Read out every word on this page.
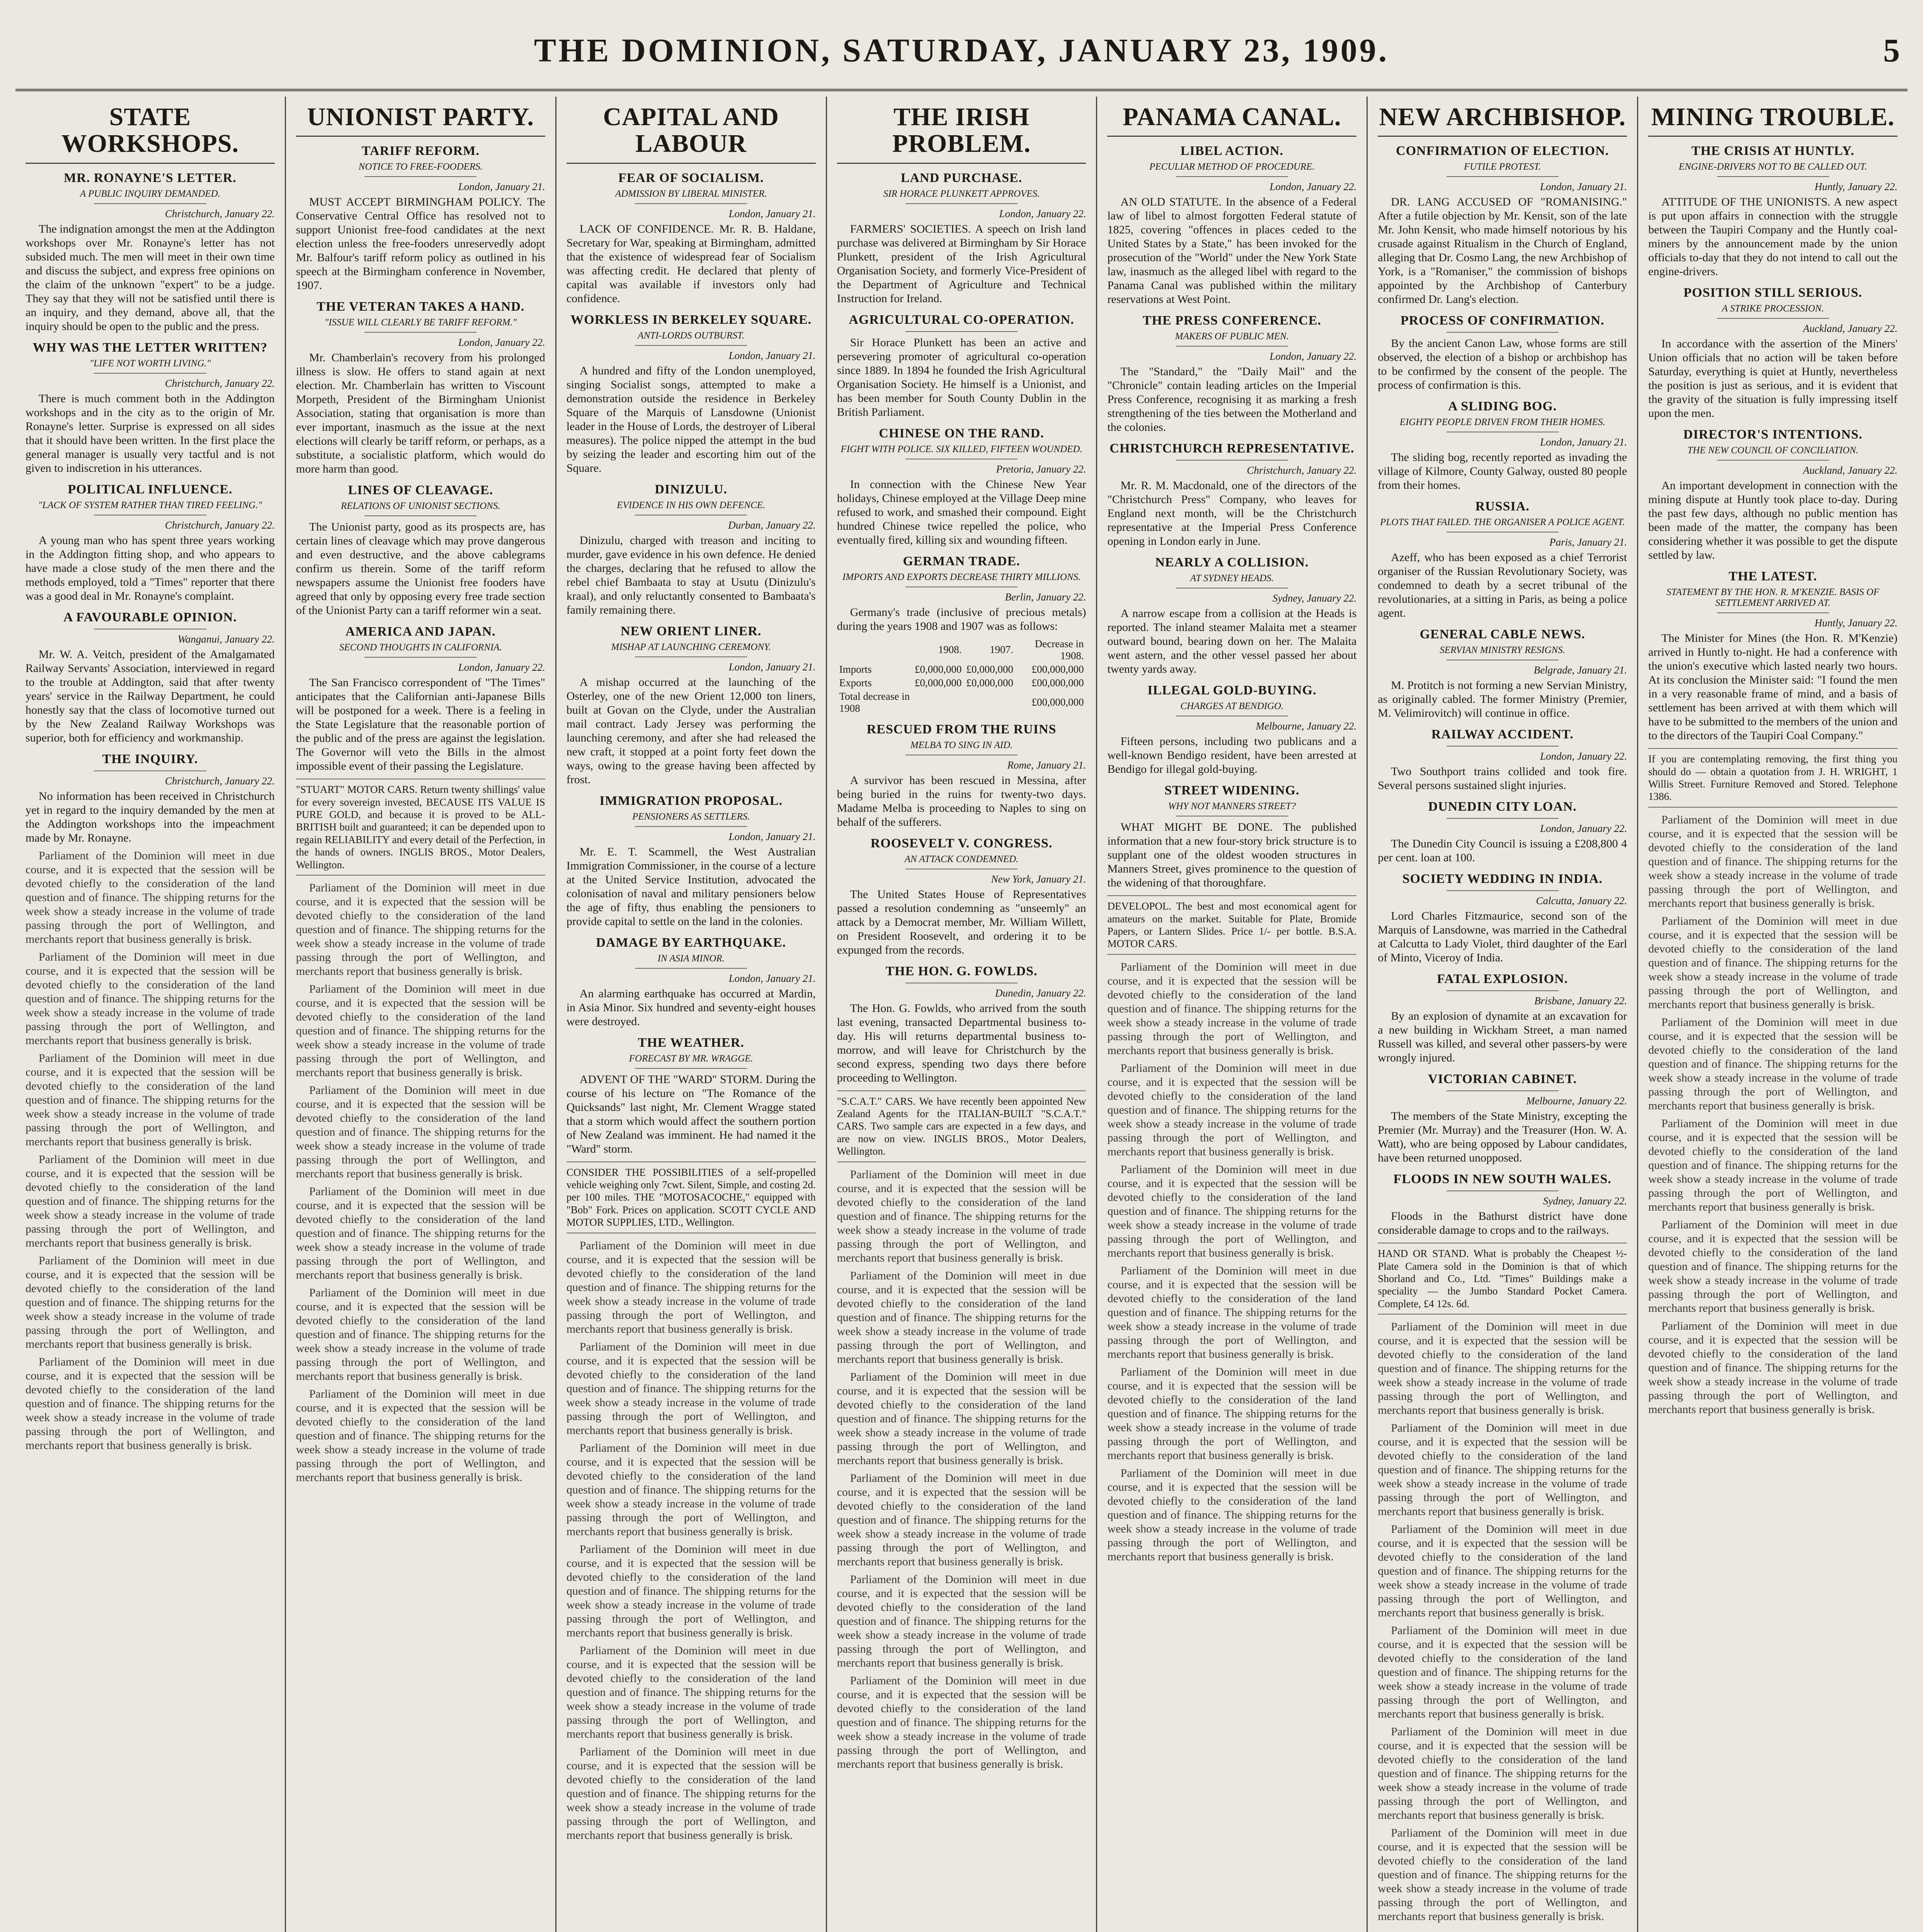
THE DOMINION, SATURDAY, JANUARY 23, 1909.	5
STATE WORKSHOPS.
MR. RONAYNE'S LETTER.
A PUBLIC INQUIRY DEMANDED.
Christchurch, January 22.
The indignation amongst the men at the Addington workshops over Mr. Ronayne's letter has not subsided much. The men will meet in their own time and discuss the subject, and express free opinions on the claim of the unknown "expert" to be a judge. They say that they will not be satisfied until there is an inquiry, and they demand, above all, that the inquiry should be open to the public and the press.
WHY WAS THE LETTER WRITTEN?
"LIFE NOT WORTH LIVING."
Christchurch, January 22.
There is much comment both in the Addington workshops and in the city as to the origin of Mr. Ronayne's letter. Surprise is expressed on all sides that it should have been written. In the first place the general manager is usually very tactful and is not given to indiscretion in his utterances.
POLITICAL INFLUENCE.
"LACK OF SYSTEM RATHER THAN TIRED FEELING."
Christchurch, January 22.
A young man who has spent three years working in the Addington fitting shop, and who appears to have made a close study of the men there and the methods employed, told a "Times" reporter that there was a good deal in Mr. Ronayne's complaint.
A FAVOURABLE OPINION.
Wanganui, January 22.
Mr. W. A. Veitch, president of the Amalgamated Railway Servants' Association, interviewed in regard to the trouble at Addington, said that after twenty years' service in the Railway Department, he could honestly say that the class of locomotive turned out by the New Zealand Railway Workshops was superior, both for efficiency and workmanship.
THE INQUIRY.
Christchurch, January 22.
No information has been received in Christchurch yet in regard to the inquiry demanded by the men at the Addington workshops into the impeachment made by Mr. Ronayne.
Parliament of the Dominion will meet in due course, and it is expected that the session will be devoted chiefly to the consideration of the land question and of finance. The shipping returns for the week show a steady increase in the volume of trade passing through the port of Wellington, and merchants report that business generally is brisk.
Parliament of the Dominion will meet in due course, and it is expected that the session will be devoted chiefly to the consideration of the land question and of finance. The shipping returns for the week show a steady increase in the volume of trade passing through the port of Wellington, and merchants report that business generally is brisk.
Parliament of the Dominion will meet in due course, and it is expected that the session will be devoted chiefly to the consideration of the land question and of finance. The shipping returns for the week show a steady increase in the volume of trade passing through the port of Wellington, and merchants report that business generally is brisk.
Parliament of the Dominion will meet in due course, and it is expected that the session will be devoted chiefly to the consideration of the land question and of finance. The shipping returns for the week show a steady increase in the volume of trade passing through the port of Wellington, and merchants report that business generally is brisk.
Parliament of the Dominion will meet in due course, and it is expected that the session will be devoted chiefly to the consideration of the land question and of finance. The shipping returns for the week show a steady increase in the volume of trade passing through the port of Wellington, and merchants report that business generally is brisk.
Parliament of the Dominion will meet in due course, and it is expected that the session will be devoted chiefly to the consideration of the land question and of finance. The shipping returns for the week show a steady increase in the volume of trade passing through the port of Wellington, and merchants report that business generally is brisk.
UNIONIST PARTY.
TARIFF REFORM.
NOTICE TO FREE-FOODERS.
London, January 21.
MUST ACCEPT BIRMINGHAM POLICY. The Conservative Central Office has resolved not to support Unionist free-food candidates at the next election unless the free-fooders unreservedly adopt Mr. Balfour's tariff reform policy as outlined in his speech at the Birmingham conference in November, 1907.
THE VETERAN TAKES A HAND.
"ISSUE WILL CLEARLY BE TARIFF REFORM."
London, January 22.
Mr. Chamberlain's recovery from his prolonged illness is slow. He offers to stand again at next election. Mr. Chamberlain has written to Viscount Morpeth, President of the Birmingham Unionist Association, stating that organisation is more than ever important, inasmuch as the issue at the next elections will clearly be tariff reform, or perhaps, as a substitute, a socialistic platform, which would do more harm than good.
LINES OF CLEAVAGE.
RELATIONS OF UNIONIST SECTIONS.
The Unionist party, good as its prospects are, has certain lines of cleavage which may prove dangerous and even destructive, and the above cablegrams confirm us therein. Some of the tariff reform newspapers assume the Unionist free fooders have agreed that only by opposing every free trade section of the Unionist Party can a tariff reformer win a seat.
AMERICA AND JAPAN.
SECOND THOUGHTS IN CALIFORNIA.
London, January 22.
The San Francisco correspondent of "The Times" anticipates that the Californian anti-Japanese Bills will be postponed for a week. There is a feeling in the State Legislature that the reasonable portion of the public and of the press are against the legislation. The Governor will veto the Bills in the almost impossible event of their passing the Legislature.
"STUART" MOTOR CARS. Return twenty shillings' value for every sovereign invested, BECAUSE ITS VALUE IS PURE GOLD, and because it is proved to be ALL-BRITISH built and guaranteed; it can be depended upon to regain RELIABILITY and every detail of the Perfection, in the hands of owners. INGLIS BROS., Motor Dealers, Wellington.
Parliament of the Dominion will meet in due course, and it is expected that the session will be devoted chiefly to the consideration of the land question and of finance. The shipping returns for the week show a steady increase in the volume of trade passing through the port of Wellington, and merchants report that business generally is brisk.
Parliament of the Dominion will meet in due course, and it is expected that the session will be devoted chiefly to the consideration of the land question and of finance. The shipping returns for the week show a steady increase in the volume of trade passing through the port of Wellington, and merchants report that business generally is brisk.
Parliament of the Dominion will meet in due course, and it is expected that the session will be devoted chiefly to the consideration of the land question and of finance. The shipping returns for the week show a steady increase in the volume of trade passing through the port of Wellington, and merchants report that business generally is brisk.
Parliament of the Dominion will meet in due course, and it is expected that the session will be devoted chiefly to the consideration of the land question and of finance. The shipping returns for the week show a steady increase in the volume of trade passing through the port of Wellington, and merchants report that business generally is brisk.
Parliament of the Dominion will meet in due course, and it is expected that the session will be devoted chiefly to the consideration of the land question and of finance. The shipping returns for the week show a steady increase in the volume of trade passing through the port of Wellington, and merchants report that business generally is brisk.
Parliament of the Dominion will meet in due course, and it is expected that the session will be devoted chiefly to the consideration of the land question and of finance. The shipping returns for the week show a steady increase in the volume of trade passing through the port of Wellington, and merchants report that business generally is brisk.
CAPITAL AND LABOUR
FEAR OF SOCIALISM.
ADMISSION BY LIBERAL MINISTER.
London, January 21.
LACK OF CONFIDENCE. Mr. R. B. Haldane, Secretary for War, speaking at Birmingham, admitted that the existence of widespread fear of Socialism was affecting credit. He declared that plenty of capital was available if investors only had confidence.
WORKLESS IN BERKELEY SQUARE.
ANTI-LORDS OUTBURST.
London, January 21.
A hundred and fifty of the London unemployed, singing Socialist songs, attempted to make a demonstration outside the residence in Berkeley Square of the Marquis of Lansdowne (Unionist leader in the House of Lords, the destroyer of Liberal measures). The police nipped the attempt in the bud by seizing the leader and escorting him out of the Square.
DINIZULU.
EVIDENCE IN HIS OWN DEFENCE.
Durban, January 22.
Dinizulu, charged with treason and inciting to murder, gave evidence in his own defence. He denied the charges, declaring that he refused to allow the rebel chief Bambaata to stay at Usutu (Dinizulu's kraal), and only reluctantly consented to Bambaata's family remaining there.
NEW ORIENT LINER.
MISHAP AT LAUNCHING CEREMONY.
London, January 21.
A mishap occurred at the launching of the Osterley, one of the new Orient 12,000 ton liners, built at Govan on the Clyde, under the Australian mail contract. Lady Jersey was performing the launching ceremony, and after she had released the new craft, it stopped at a point forty feet down the ways, owing to the grease having been affected by frost.
IMMIGRATION PROPOSAL.
PENSIONERS AS SETTLERS.
London, January 21.
Mr. E. T. Scammell, the West Australian Immigration Commissioner, in the course of a lecture at the United Service Institution, advocated the colonisation of naval and military pensioners below the age of fifty, thus enabling the pensioners to provide capital to settle on the land in the colonies.
DAMAGE BY EARTHQUAKE.
IN ASIA MINOR.
London, January 21.
An alarming earthquake has occurred at Mardin, in Asia Minor. Six hundred and seventy-eight houses were destroyed.
THE WEATHER.
FORECAST BY MR. WRAGGE.
ADVENT OF THE "WARD" STORM. During the course of his lecture on "The Romance of the Quicksands" last night, Mr. Clement Wragge stated that a storm which would affect the southern portion of New Zealand was imminent. He had named it the "Ward" storm.
CONSIDER THE POSSIBILITIES of a self-propelled vehicle weighing only 7cwt. Silent, Simple, and costing 2d. per 100 miles. THE "MOTOSACOCHE," equipped with "Bob" Fork. Prices on application. SCOTT CYCLE AND MOTOR SUPPLIES, LTD., Wellington.
Parliament of the Dominion will meet in due course, and it is expected that the session will be devoted chiefly to the consideration of the land question and of finance. The shipping returns for the week show a steady increase in the volume of trade passing through the port of Wellington, and merchants report that business generally is brisk.
Parliament of the Dominion will meet in due course, and it is expected that the session will be devoted chiefly to the consideration of the land question and of finance. The shipping returns for the week show a steady increase in the volume of trade passing through the port of Wellington, and merchants report that business generally is brisk.
Parliament of the Dominion will meet in due course, and it is expected that the session will be devoted chiefly to the consideration of the land question and of finance. The shipping returns for the week show a steady increase in the volume of trade passing through the port of Wellington, and merchants report that business generally is brisk.
Parliament of the Dominion will meet in due course, and it is expected that the session will be devoted chiefly to the consideration of the land question and of finance. The shipping returns for the week show a steady increase in the volume of trade passing through the port of Wellington, and merchants report that business generally is brisk.
Parliament of the Dominion will meet in due course, and it is expected that the session will be devoted chiefly to the consideration of the land question and of finance. The shipping returns for the week show a steady increase in the volume of trade passing through the port of Wellington, and merchants report that business generally is brisk.
Parliament of the Dominion will meet in due course, and it is expected that the session will be devoted chiefly to the consideration of the land question and of finance. The shipping returns for the week show a steady increase in the volume of trade passing through the port of Wellington, and merchants report that business generally is brisk.
THE IRISH PROBLEM.
LAND PURCHASE.
SIR HORACE PLUNKETT APPROVES.
London, January 22.
FARMERS' SOCIETIES. A speech on Irish land purchase was delivered at Birmingham by Sir Horace Plunkett, president of the Irish Agricultural Organisation Society, and formerly Vice-President of the Department of Agriculture and Technical Instruction for Ireland.
AGRICULTURAL CO-OPERATION.
Sir Horace Plunkett has been an active and persevering promoter of agricultural co-operation since 1889. In 1894 he founded the Irish Agricultural Organisation Society. He himself is a Unionist, and has been member for South County Dublin in the British Parliament.
CHINESE ON THE RAND.
FIGHT WITH POLICE. SIX KILLED, FIFTEEN WOUNDED.
Pretoria, January 22.
In connection with the Chinese New Year holidays, Chinese employed at the Village Deep mine refused to work, and smashed their compound. Eight hundred Chinese twice repelled the police, who eventually fired, killing six and wounding fifteen.
GERMAN TRADE.
IMPORTS AND EXPORTS DECREASE THIRTY MILLIONS.
Berlin, January 22.
Germany's trade (inclusive of precious metals) during the years 1908 and 1907 was as follows:
	1908.	1907.	Decrease in 1908.
Imports	£0,000,000	£0,000,000	£00,000,000
Exports	£0,000,000	£0,000,000	£00,000,000
Total decrease in 1908			£00,000,000
RESCUED FROM THE RUINS
MELBA TO SING IN AID.
Rome, January 21.
A survivor has been rescued in Messina, after being buried in the ruins for twenty-two days. Madame Melba is proceeding to Naples to sing on behalf of the sufferers.
ROOSEVELT V. CONGRESS.
AN ATTACK CONDEMNED.
New York, January 21.
The United States House of Representatives passed a resolution condemning as "unseemly" an attack by a Democrat member, Mr. William Willett, on President Roosevelt, and ordering it to be expunged from the records.
THE HON. G. FOWLDS.
Dunedin, January 22.
The Hon. G. Fowlds, who arrived from the south last evening, transacted Departmental business to-day. His will returns departmental business to-morrow, and will leave for Christchurch by the second express, spending two days there before proceeding to Wellington.
"S.C.A.T." CARS. We have recently been appointed New Zealand Agents for the ITALIAN-BUILT "S.C.A.T." CARS. Two sample cars are expected in a few days, and are now on view. INGLIS BROS., Motor Dealers, Wellington.
Parliament of the Dominion will meet in due course, and it is expected that the session will be devoted chiefly to the consideration of the land question and of finance. The shipping returns for the week show a steady increase in the volume of trade passing through the port of Wellington, and merchants report that business generally is brisk.
Parliament of the Dominion will meet in due course, and it is expected that the session will be devoted chiefly to the consideration of the land question and of finance. The shipping returns for the week show a steady increase in the volume of trade passing through the port of Wellington, and merchants report that business generally is brisk.
Parliament of the Dominion will meet in due course, and it is expected that the session will be devoted chiefly to the consideration of the land question and of finance. The shipping returns for the week show a steady increase in the volume of trade passing through the port of Wellington, and merchants report that business generally is brisk.
Parliament of the Dominion will meet in due course, and it is expected that the session will be devoted chiefly to the consideration of the land question and of finance. The shipping returns for the week show a steady increase in the volume of trade passing through the port of Wellington, and merchants report that business generally is brisk.
Parliament of the Dominion will meet in due course, and it is expected that the session will be devoted chiefly to the consideration of the land question and of finance. The shipping returns for the week show a steady increase in the volume of trade passing through the port of Wellington, and merchants report that business generally is brisk.
Parliament of the Dominion will meet in due course, and it is expected that the session will be devoted chiefly to the consideration of the land question and of finance. The shipping returns for the week show a steady increase in the volume of trade passing through the port of Wellington, and merchants report that business generally is brisk.
PANAMA CANAL.
LIBEL ACTION.
PECULIAR METHOD OF PROCEDURE.
London, January 22.
AN OLD STATUTE. In the absence of a Federal law of libel to almost forgotten Federal statute of 1825, covering "offences in places ceded to the United States by a State," has been invoked for the prosecution of the "World" under the New York State law, inasmuch as the alleged libel with regard to the Panama Canal was published within the military reservations at West Point.
THE PRESS CONFERENCE.
MAKERS OF PUBLIC MEN.
London, January 22.
The "Standard," the "Daily Mail" and the "Chronicle" contain leading articles on the Imperial Press Conference, recognising it as marking a fresh strengthening of the ties between the Motherland and the colonies.
CHRISTCHURCH REPRESENTATIVE.
Christchurch, January 22.
Mr. R. M. Macdonald, one of the directors of the "Christchurch Press" Company, who leaves for England next month, will be the Christchurch representative at the Imperial Press Conference opening in London early in June.
NEARLY A COLLISION.
AT SYDNEY HEADS.
Sydney, January 22.
A narrow escape from a collision at the Heads is reported. The inland steamer Malaita met a steamer outward bound, bearing down on her. The Malaita went astern, and the other vessel passed her about twenty yards away.
ILLEGAL GOLD-BUYING.
CHARGES AT BENDIGO.
Melbourne, January 22.
Fifteen persons, including two publicans and a well-known Bendigo resident, have been arrested at Bendigo for illegal gold-buying.
STREET WIDENING.
WHY NOT MANNERS STREET?
WHAT MIGHT BE DONE. The published information that a new four-story brick structure is to supplant one of the oldest wooden structures in Manners Street, gives prominence to the question of the widening of that thoroughfare.
DEVELOPOL. The best and most economical agent for amateurs on the market. Suitable for Plate, Bromide Papers, or Lantern Slides. Price 1/- per bottle. B.S.A. MOTOR CARS.
Parliament of the Dominion will meet in due course, and it is expected that the session will be devoted chiefly to the consideration of the land question and of finance. The shipping returns for the week show a steady increase in the volume of trade passing through the port of Wellington, and merchants report that business generally is brisk.
Parliament of the Dominion will meet in due course, and it is expected that the session will be devoted chiefly to the consideration of the land question and of finance. The shipping returns for the week show a steady increase in the volume of trade passing through the port of Wellington, and merchants report that business generally is brisk.
Parliament of the Dominion will meet in due course, and it is expected that the session will be devoted chiefly to the consideration of the land question and of finance. The shipping returns for the week show a steady increase in the volume of trade passing through the port of Wellington, and merchants report that business generally is brisk.
Parliament of the Dominion will meet in due course, and it is expected that the session will be devoted chiefly to the consideration of the land question and of finance. The shipping returns for the week show a steady increase in the volume of trade passing through the port of Wellington, and merchants report that business generally is brisk.
Parliament of the Dominion will meet in due course, and it is expected that the session will be devoted chiefly to the consideration of the land question and of finance. The shipping returns for the week show a steady increase in the volume of trade passing through the port of Wellington, and merchants report that business generally is brisk.
Parliament of the Dominion will meet in due course, and it is expected that the session will be devoted chiefly to the consideration of the land question and of finance. The shipping returns for the week show a steady increase in the volume of trade passing through the port of Wellington, and merchants report that business generally is brisk.
NEW ARCHBISHOP.
CONFIRMATION OF ELECTION.
FUTILE PROTEST.
London, January 21.
DR. LANG ACCUSED OF "ROMANISING." After a futile objection by Mr. Kensit, son of the late Mr. John Kensit, who made himself notorious by his crusade against Ritualism in the Church of England, alleging that Dr. Cosmo Lang, the new Archbishop of York, is a "Romaniser," the commission of bishops appointed by the Archbishop of Canterbury confirmed Dr. Lang's election.
PROCESS OF CONFIRMATION.
By the ancient Canon Law, whose forms are still observed, the election of a bishop or archbishop has to be confirmed by the consent of the people. The process of confirmation is this.
A SLIDING BOG.
EIGHTY PEOPLE DRIVEN FROM THEIR HOMES.
London, January 21.
The sliding bog, recently reported as invading the village of Kilmore, County Galway, ousted 80 people from their homes.
RUSSIA.
PLOTS THAT FAILED. THE ORGANISER A POLICE AGENT.
Paris, January 21.
Azeff, who has been exposed as a chief Terrorist organiser of the Russian Revolutionary Society, was condemned to death by a secret tribunal of the revolutionaries, at a sitting in Paris, as being a police agent.
GENERAL CABLE NEWS.
SERVIAN MINISTRY RESIGNS.
Belgrade, January 21.
M. Protitch is not forming a new Servian Ministry, as originally cabled. The former Ministry (Premier, M. Velimirovitch) will continue in office.
RAILWAY ACCIDENT.
London, January 22.
Two Southport trains collided and took fire. Several persons sustained slight injuries.
DUNEDIN CITY LOAN.
London, January 22.
The Dunedin City Council is issuing a £208,800 4 per cent. loan at 100.
SOCIETY WEDDING IN INDIA.
Calcutta, January 22.
Lord Charles Fitzmaurice, second son of the Marquis of Lansdowne, was married in the Cathedral at Calcutta to Lady Violet, third daughter of the Earl of Minto, Viceroy of India.
FATAL EXPLOSION.
Brisbane, January 22.
By an explosion of dynamite at an excavation for a new building in Wickham Street, a man named Russell was killed, and several other passers-by were wrongly injured.
VICTORIAN CABINET.
Melbourne, January 22.
The members of the State Ministry, excepting the Premier (Mr. Murray) and the Treasurer (Hon. W. A. Watt), who are being opposed by Labour candidates, have been returned unopposed.
FLOODS IN NEW SOUTH WALES.
Sydney, January 22.
Floods in the Bathurst district have done considerable damage to crops and to the railways.
HAND OR STAND. What is probably the Cheapest ½-Plate Camera sold in the Dominion is that of which Shorland and Co., Ltd. "Times" Buildings make a speciality — the Jumbo Standard Pocket Camera. Complete, £4 12s. 6d.
Parliament of the Dominion will meet in due course, and it is expected that the session will be devoted chiefly to the consideration of the land question and of finance. The shipping returns for the week show a steady increase in the volume of trade passing through the port of Wellington, and merchants report that business generally is brisk.
Parliament of the Dominion will meet in due course, and it is expected that the session will be devoted chiefly to the consideration of the land question and of finance. The shipping returns for the week show a steady increase in the volume of trade passing through the port of Wellington, and merchants report that business generally is brisk.
Parliament of the Dominion will meet in due course, and it is expected that the session will be devoted chiefly to the consideration of the land question and of finance. The shipping returns for the week show a steady increase in the volume of trade passing through the port of Wellington, and merchants report that business generally is brisk.
Parliament of the Dominion will meet in due course, and it is expected that the session will be devoted chiefly to the consideration of the land question and of finance. The shipping returns for the week show a steady increase in the volume of trade passing through the port of Wellington, and merchants report that business generally is brisk.
Parliament of the Dominion will meet in due course, and it is expected that the session will be devoted chiefly to the consideration of the land question and of finance. The shipping returns for the week show a steady increase in the volume of trade passing through the port of Wellington, and merchants report that business generally is brisk.
Parliament of the Dominion will meet in due course, and it is expected that the session will be devoted chiefly to the consideration of the land question and of finance. The shipping returns for the week show a steady increase in the volume of trade passing through the port of Wellington, and merchants report that business generally is brisk.
MINING TROUBLE.
THE CRISIS AT HUNTLY.
ENGINE-DRIVERS NOT TO BE CALLED OUT.
Huntly, January 22.
ATTITUDE OF THE UNIONISTS. A new aspect is put upon affairs in connection with the struggle between the Taupiri Company and the Huntly coal-miners by the announcement made by the union officials to-day that they do not intend to call out the engine-drivers.
POSITION STILL SERIOUS.
A STRIKE PROCESSION.
Auckland, January 22.
In accordance with the assertion of the Miners' Union officials that no action will be taken before Saturday, everything is quiet at Huntly, nevertheless the position is just as serious, and it is evident that the gravity of the situation is fully impressing itself upon the men.
DIRECTOR'S INTENTIONS.
THE NEW COUNCIL OF CONCILIATION.
Auckland, January 22.
An important development in connection with the mining dispute at Huntly took place to-day. During the past few days, although no public mention has been made of the matter, the company has been considering whether it was possible to get the dispute settled by law.
THE LATEST.
STATEMENT BY THE HON. R. M'KENZIE. BASIS OF SETTLEMENT ARRIVED AT.
Huntly, January 22.
The Minister for Mines (the Hon. R. M'Kenzie) arrived in Huntly to-night. He had a conference with the union's executive which lasted nearly two hours. At its conclusion the Minister said: "I found the men in a very reasonable frame of mind, and a basis of settlement has been arrived at with them which will have to be submitted to the members of the union and to the directors of the Taupiri Coal Company."
If you are contemplating removing, the first thing you should do — obtain a quotation from J. H. WRIGHT, 1 Willis Street. Furniture Removed and Stored. Telephone 1386.
Parliament of the Dominion will meet in due course, and it is expected that the session will be devoted chiefly to the consideration of the land question and of finance. The shipping returns for the week show a steady increase in the volume of trade passing through the port of Wellington, and merchants report that business generally is brisk.
Parliament of the Dominion will meet in due course, and it is expected that the session will be devoted chiefly to the consideration of the land question and of finance. The shipping returns for the week show a steady increase in the volume of trade passing through the port of Wellington, and merchants report that business generally is brisk.
Parliament of the Dominion will meet in due course, and it is expected that the session will be devoted chiefly to the consideration of the land question and of finance. The shipping returns for the week show a steady increase in the volume of trade passing through the port of Wellington, and merchants report that business generally is brisk.
Parliament of the Dominion will meet in due course, and it is expected that the session will be devoted chiefly to the consideration of the land question and of finance. The shipping returns for the week show a steady increase in the volume of trade passing through the port of Wellington, and merchants report that business generally is brisk.
Parliament of the Dominion will meet in due course, and it is expected that the session will be devoted chiefly to the consideration of the land question and of finance. The shipping returns for the week show a steady increase in the volume of trade passing through the port of Wellington, and merchants report that business generally is brisk.
Parliament of the Dominion will meet in due course, and it is expected that the session will be devoted chiefly to the consideration of the land question and of finance. The shipping returns for the week show a steady increase in the volume of trade passing through the port of Wellington, and merchants report that business generally is brisk.
